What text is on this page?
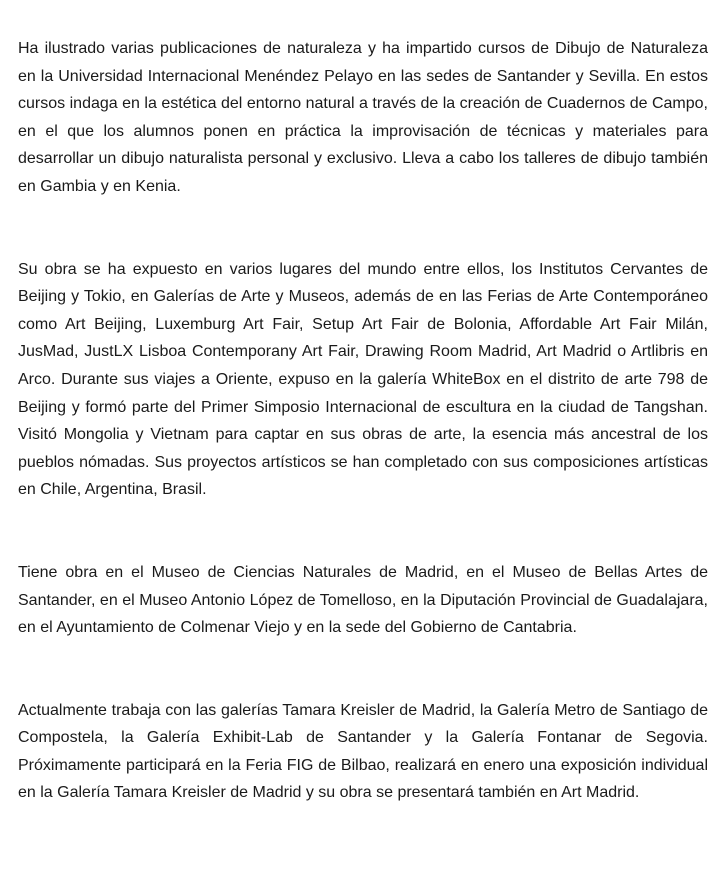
Ha ilustrado varias publicaciones de naturaleza y ha impartido cursos de Dibujo de Naturaleza en la Universidad Internacional Menéndez Pelayo en las sedes de Santander y Sevilla. En estos cursos indaga en la estética del entorno natural a través de la creación de Cuadernos de Campo, en el que los alumnos ponen en práctica la improvisación de técnicas y materiales para desarrollar un dibujo naturalista personal y exclusivo. Lleva a cabo los talleres de dibujo también en Gambia y en Kenia.

Su obra se ha expuesto en varios lugares del mundo entre ellos, los Institutos Cervantes de Beijing y Tokio, en Galerías de Arte y Museos, además de en las Ferias de Arte Contemporáneo como Art Beijing, Luxemburg Art Fair, Setup Art Fair de Bolonia, Affordable Art Fair Milán, JusMad, JustLX Lisboa Contemporany Art Fair, Drawing Room Madrid, Art Madrid o Artlibris en Arco. Durante sus viajes a Oriente, expuso en la galería WhiteBox en el distrito de arte 798 de Beijing y formó parte del Primer Simposio Internacional de escultura en la ciudad de Tangshan. Visitó Mongolia y Vietnam para captar en sus obras de arte, la esencia más ancestral de los pueblos nómadas. Sus proyectos artísticos se han completado con sus composiciones artísticas en Chile, Argentina, Brasil.

Tiene obra en el Museo de Ciencias Naturales de Madrid, en el Museo de Bellas Artes de Santander, en el Museo Antonio López de Tomelloso, en la Diputación Provincial de Guadalajara, en el Ayuntamiento de Colmenar Viejo y en la sede del Gobierno de Cantabria.

Actualmente trabaja con las galerías Tamara Kreisler de Madrid, la Galería Metro de Santiago de Compostela, la Galería Exhibit-Lab de Santander y la Galería Fontanar de Segovia. Próximamente participará en la Feria FIG de Bilbao, realizará en enero una exposición individual en la Galería Tamara Kreisler de Madrid y su obra se presentará también en Art Madrid.
